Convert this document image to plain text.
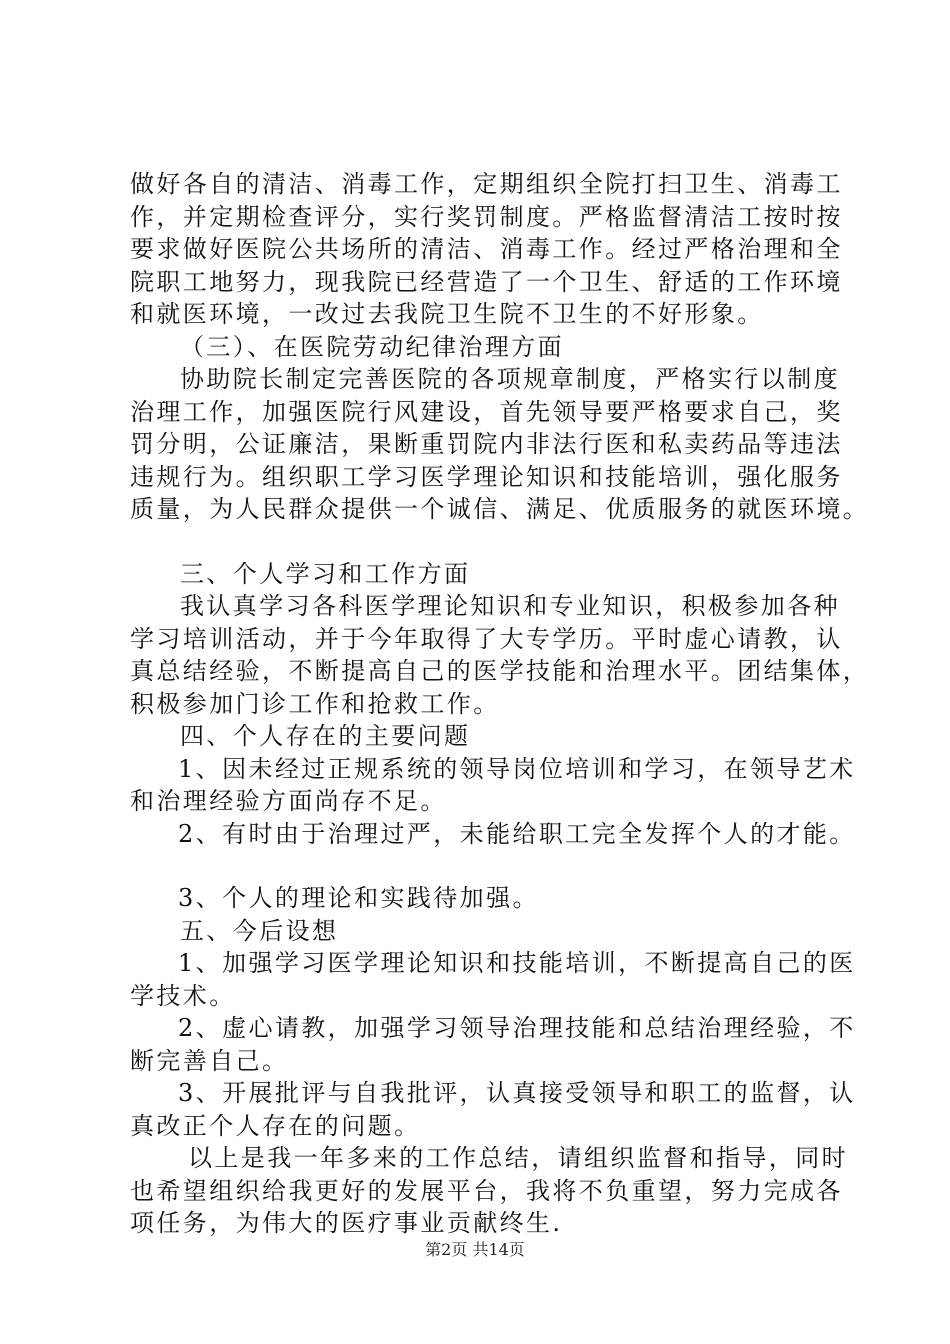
做好各自的清洁、消毒工作，定期组织全院打扫卫生、消毒工
作，并定期检查评分，实行奖罚制度。严格监督清洁工按时按
要求做好医院公共场所的清洁、消毒工作。经过严格治理和全
院职工地努力，现我院已经营造了一个卫生、舒适的工作环境
和就医环境，一改过去我院卫生院不卫生的不好形象。
（三）、在医院劳动纪律治理方面
协助院长制定完善医院的各项规章制度，严格实行以制度
治理工作，加强医院行风建设，首先领导要严格要求自己，奖
罚分明，公证廉洁，果断重罚院内非法行医和私卖药品等违法
违规行为。组织职工学习医学理论知识和技能培训，强化服务
质量，为人民群众提供一个诚信、满足、优质服务的就医环境。
三、个人学习和工作方面
我认真学习各科医学理论知识和专业知识，积极参加各种
学习培训活动，并于今年取得了大专学历。平时虚心请教，认
真总结经验，不断提高自己的医学技能和治理水平。团结集体，
积极参加门诊工作和抢救工作。
四、个人存在的主要问题
1、因未经过正规系统的领导岗位培训和学习，在领导艺术
和治理经验方面尚存不足。
2、有时由于治理过严，未能给职工完全发挥个人的才能。
3、个人的理论和实践待加强。
五、今后设想
1、加强学习医学理论知识和技能培训，不断提高自己的医
学技术。
2、虚心请教，加强学习领导治理技能和总结治理经验，不
断完善自己。
3、开展批评与自我批评，认真接受领导和职工的监督，认
真改正个人存在的问题。
以上是我一年多来的工作总结，请组织监督和指导，同时
也希望组织给我更好的发展平台，我将不负重望，努力完成各
项任务，为伟大的医疗事业贡献终生.
第2页 共14页
